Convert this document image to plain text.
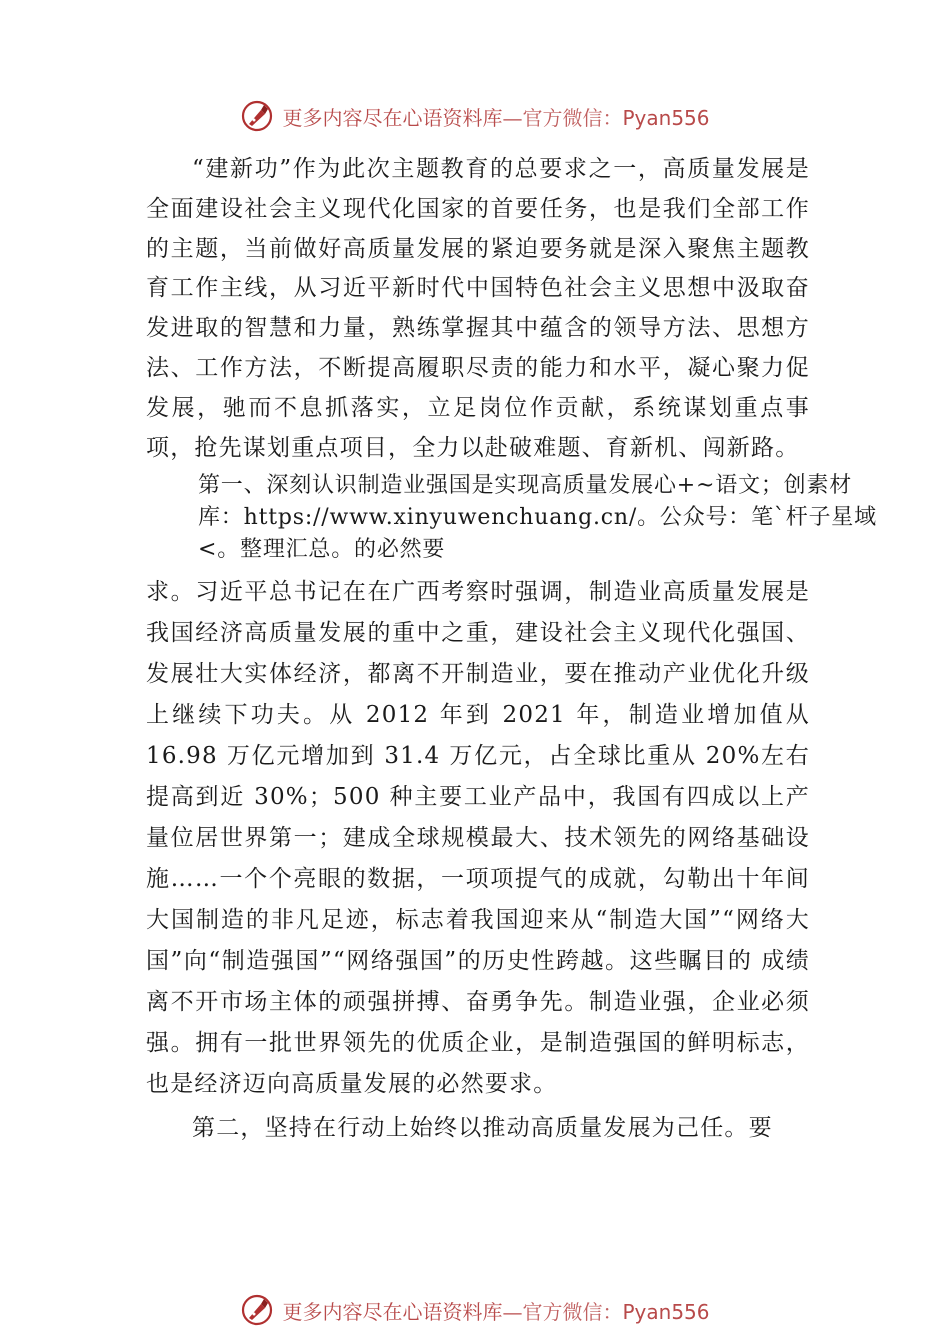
更多内容尽在心语资料库—官方微信：Pyan556

“建新功”作为此次主题教育的总要求之一，高质量发展是全面建设社会主义现代化国家的首要任务，也是我们全部工作的主题，当前做好高质量发展的紧迫要务就是深入聚焦主题教育工作主线，从习近平新时代中国特色社会主义思想中汲取奋发进取的智慧和力量，熟练掌握其中蕴含的领导方法、思想方法、工作方法，不断提高履职尽责的能力和水平，凝心聚力促发展，驰而不息抓落实，立足岗位作贡献，系统谋划重点事项，抢先谋划重点项目，全力以赴破难题、育新机、闯新路。

第一、深刻认识制造业强国是实现高质量发展心+~语文；创素材库：https://www.xinyuwenchuang.cn/。公众号：笔`杆子星域<。整理汇总。的必然要

求。习近平总书记在在广西考察时强调，制造业高质量发展是我国经济高质量发展的重中之重，建设社会主义现代化强国、发展壮大实体经济，都离不开制造业，要在推动产业优化升级上继续下功夫。从 2012 年到 2021 年，制造业增加值从 16.98 万亿元增加到 31.4 万亿元，占全球比重从 20%左右提高到近 30%；500 种主要工业产品中，我国有四成以上产量位居世界第一；建成全球规模最大、技术领先的网络基础设施……一个个亮眼的数据，一项项提气的成就，勾勒出十年间大国制造的非凡足迹，标志着我国迎来从“制造大国”“网络大国”向“制造强国”“网络强国”的历史性跨越。这些瞩目的 成绩离不开市场主体的顽强拼搏、奋勇争先。制造业强，企业必须强。拥有一批世界领先的优质企业，是制造强国的鲜明标志，也是经济迈向高质量发展的必然要求。

第二，坚持在行动上始终以推动高质量发展为己任。要

更多内容尽在心语资料库—官方微信：Pyan556
